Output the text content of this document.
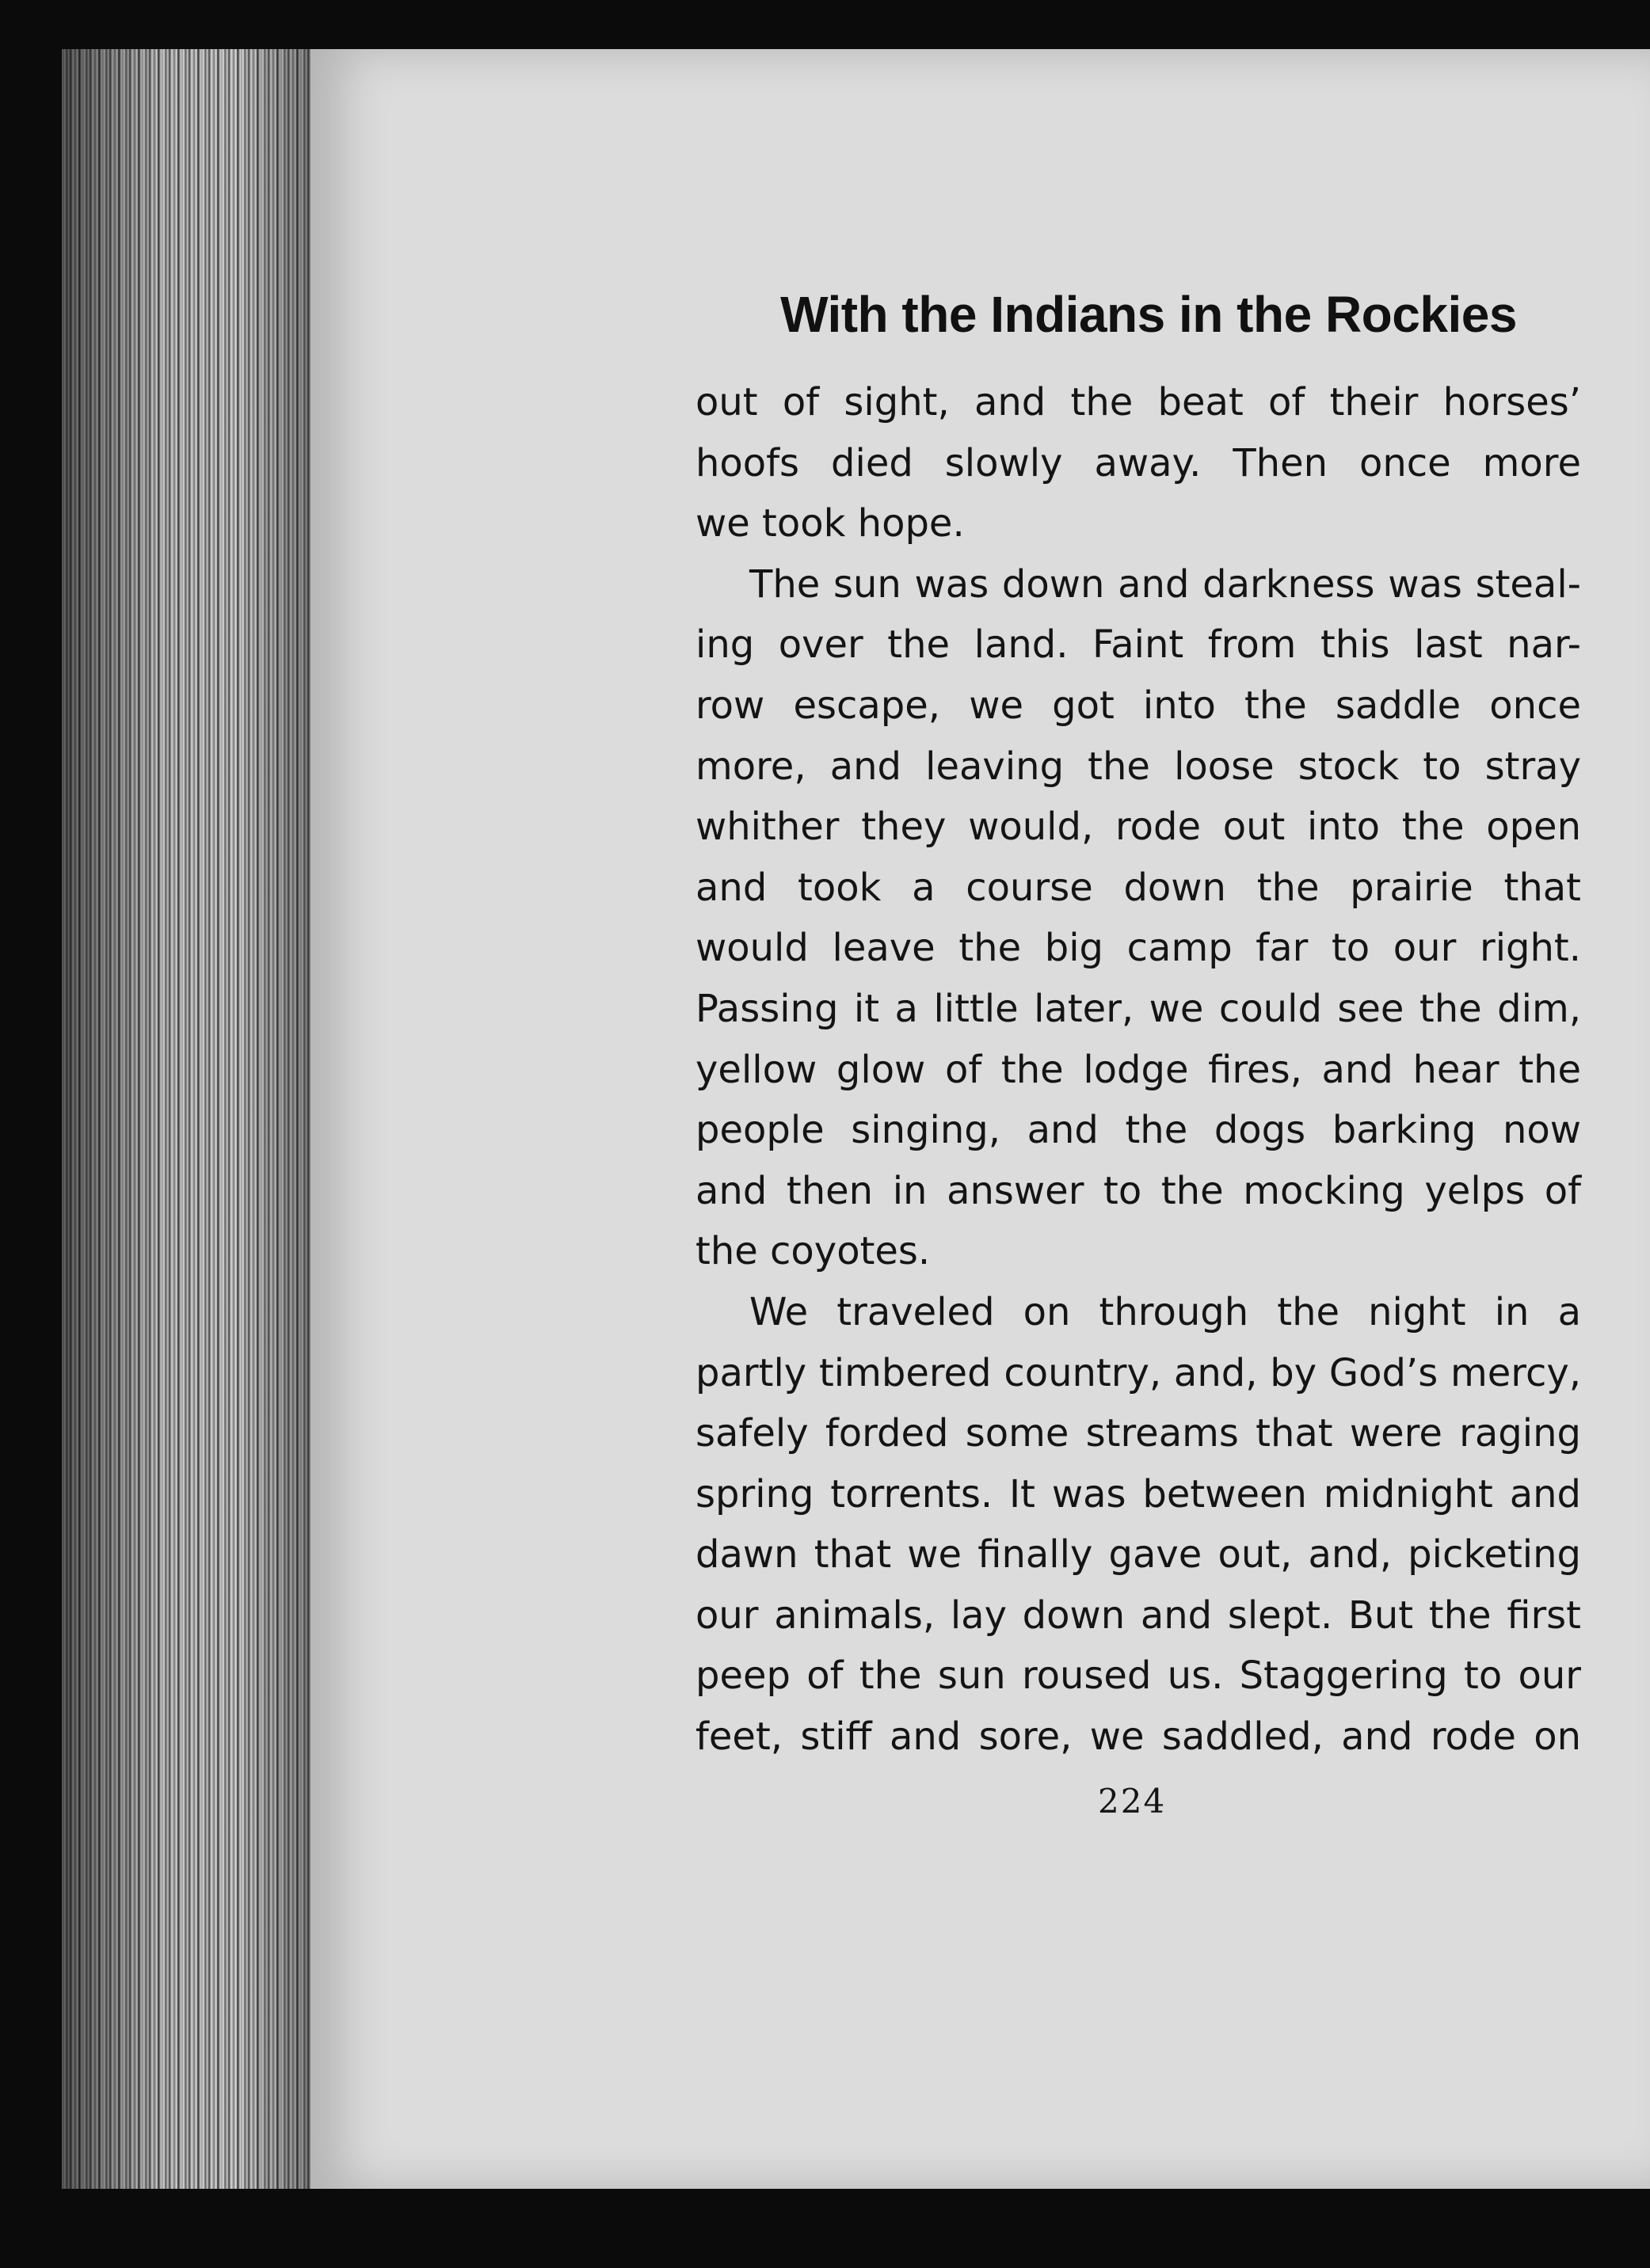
With the Indians in the Rockies
out of sight, and the beat of their horses’
hoofs died slowly away. Then once more
we took hope.
The sun was down and darkness was steal-
ing over the land. Faint from this last nar-
row escape, we got into the saddle once
more, and leaving the loose stock to stray
whither they would, rode out into the open
and took a course down the prairie that
would leave the big camp far to our right.
Passing it a little later, we could see the dim,
yellow glow of the lodge fires, and hear the
people singing, and the dogs barking now
and then in answer to the mocking yelps of
the coyotes.
We traveled on through the night in a
partly timbered country, and, by God’s mercy,
safely forded some streams that were raging
spring torrents. It was between midnight and
dawn that we finally gave out, and, picketing
our animals, lay down and slept. But the first
peep of the sun roused us. Staggering to our
feet, stiff and sore, we saddled, and rode on
224
